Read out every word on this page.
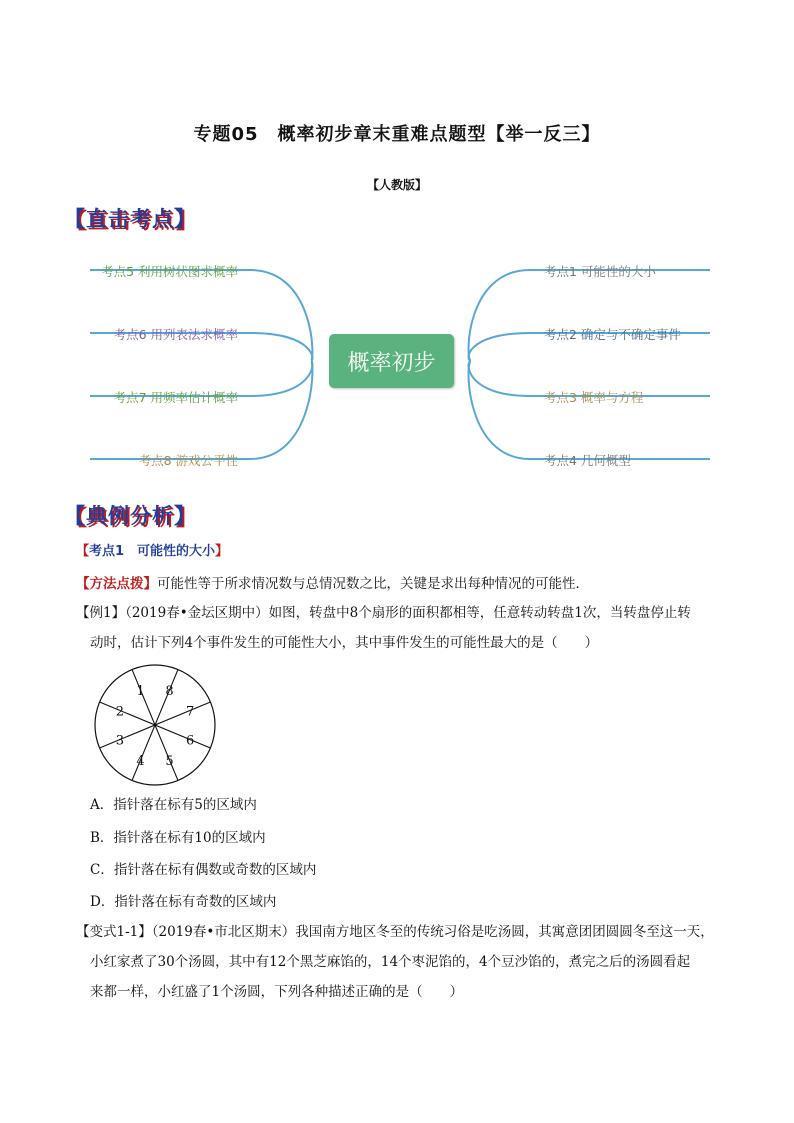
专题05　概率初步章末重难点题型【举一反三】
【人教版】
【直击考点】
考点5 利用树状图求概率
考点6 用列表法求概率
考点7 用频率估计概率
考点8 游戏公平性
考点1 可能性的大小
考点2 确定与不确定事件
考点3 概率与方程
考点4 几何概型
概率初步
【典例分析】
【考点1　可能性的大小】
【方法点拨】可能性等于所求情况数与总情况数之比，关键是求出每种情况的可能性．
【例1】（2019春•金坛区期中）如图，转盘中8个扇形的面积都相等，任意转动转盘1次，当转盘停止转
动时，估计下列4个事件发生的可能性大小，其中事件发生的可能性最大的是（　　）
1
2
3
4 5
6
7
8
A．指针落在标有5的区域内
B．指针落在标有10的区域内
C．指针落在标有偶数或奇数的区域内
D．指针落在标有奇数的区域内
【变式1-1】（2019春•市北区期末）我国南方地区冬至的传统习俗是吃汤圆，其寓意团团圆圆冬至这一天，
小红家煮了30个汤圆，其中有12个黑芝麻馅的，14个枣泥馅的，4个豆沙馅的，煮完之后的汤圆看起
来都一样，小红盛了1个汤圆，下列各种描述正确的是（　　）
